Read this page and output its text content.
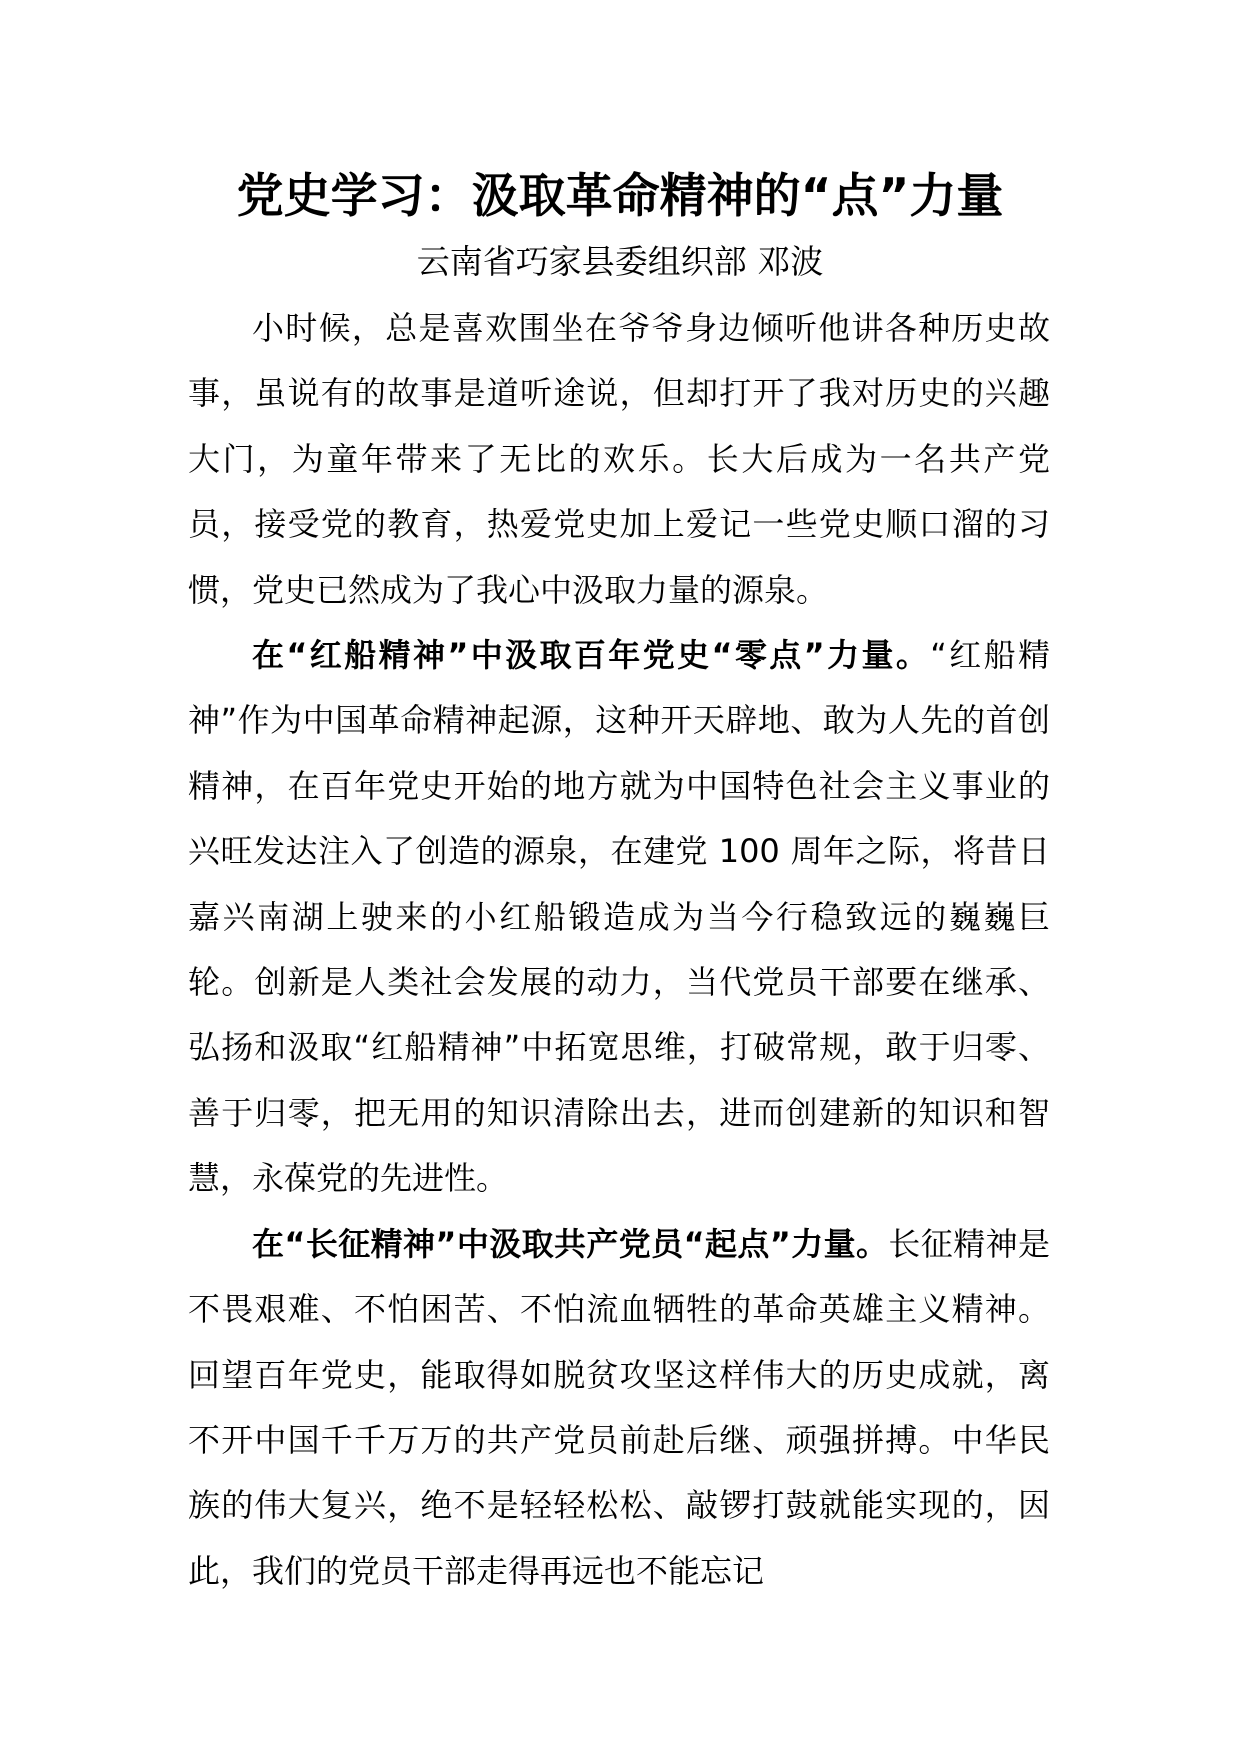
党史学习：汲取革命精神的“点”力量
云南省巧家县委组织部 邓波

小时候，总是喜欢围坐在爷爷身边倾听他讲各种历史故事，虽说有的故事是道听途说，但却打开了我对历史的兴趣大门，为童年带来了无比的欢乐。长大后成为一名共产党员，接受党的教育，热爱党史加上爱记一些党史顺口溜的习惯，党史已然成为了我心中汲取力量的源泉。

在“红船精神”中汲取百年党史“零点”力量。“红船精神”作为中国革命精神起源，这种开天辟地、敢为人先的首创精神，在百年党史开始的地方就为中国特色社会主义事业的兴旺发达注入了创造的源泉，在建党 100 周年之际，将昔日嘉兴南湖上驶来的小红船锻造成为当今行稳致远的巍巍巨轮。创新是人类社会发展的动力，当代党员干部要在继承、弘扬和汲取“红船精神”中拓宽思维，打破常规，敢于归零、善于归零，把无用的知识清除出去，进而创建新的知识和智慧，永葆党的先进性。

在“长征精神”中汲取共产党员“起点”力量。长征精神是不畏艰难、不怕困苦、不怕流血牺牲的革命英雄主义精神。回望百年党史，能取得如脱贫攻坚这样伟大的历史成就，离不开中国千千万万的共产党员前赴后继、顽强拼搏。中华民族的伟大复兴，绝不是轻轻松松、敲锣打鼓就能实现的，因此，我们的党员干部走得再远也不能忘记
